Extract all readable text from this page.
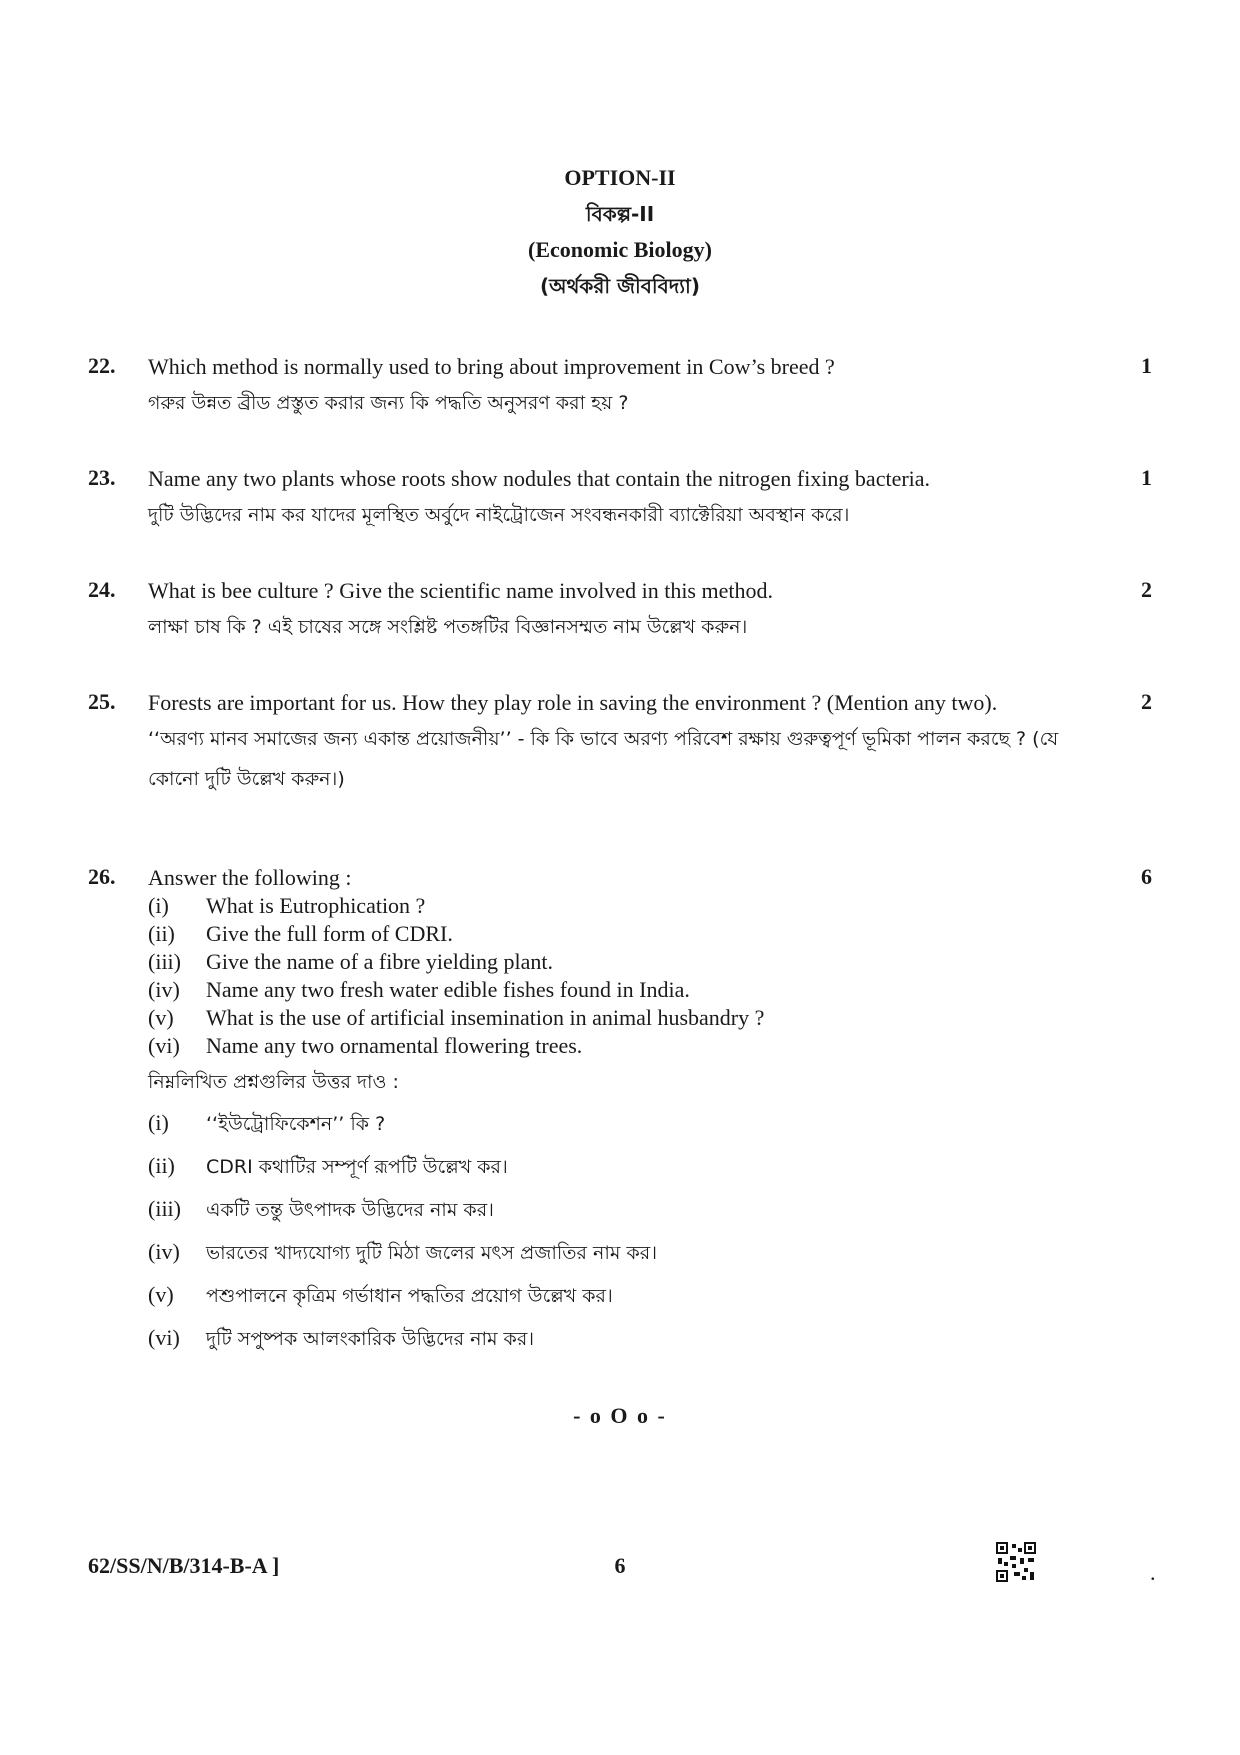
OPTION-II
বিকল্প-II
(Economic Biology)
(অর্থকরী জীববিদ্যা)
22. Which method is normally used to bring about improvement in Cow’s breed ?
গরুর উন্নত ব্রীড প্রস্তুত করার জন্য কি পদ্ধতি অনুসরণ করা হয় ?
1
23. Name any two plants whose roots show nodules that contain the nitrogen fixing bacteria.
দুটি উদ্ভিদের নাম কর যাদের মূলস্থিত অর্বুদে নাইট্রোজেন সংবন্ধনকারী ব্যাক্টেরিয়া অবস্থান করে।
1
24. What is bee culture ? Give the scientific name involved in this method.
লাক্ষা চাষ কি ? এই চাষের সঙ্গে সংশ্লিষ্ট পতঙ্গটির বিজ্ঞানসম্মত নাম উল্লেখ করুন।
2
25. Forests are important for us. How they play role in saving the environment ? (Mention any two).
‘‘অরণ্য মানব সমাজের জন্য একান্ত প্রয়োজনীয়’’ - কি কি ভাবে অরণ্য পরিবেশ রক্ষায় গুরুত্বপূর্ণ ভূমিকা পালন করছে ? (যে কোনো দুটি উল্লেখ করুন।)
2
26. Answer the following :
(i) What is Eutrophication ?
(ii) Give the full form of CDRI.
(iii) Give the name of a fibre yielding plant.
(iv) Name any two fresh water edible fishes found in India.
(v) What is the use of artificial insemination in animal husbandry ?
(vi) Name any two ornamental flowering trees.
নিম্নলিখিত প্রশ্নগুলির উত্তর দাও :
(i) ‘‘ইউট্রোফিকেশন’’ কি ?
(ii) CDRI কথাটির সম্পূর্ণ রূপটি উল্লেখ কর।
(iii) একটি তন্তু উৎপাদক উদ্ভিদের নাম কর।
(iv) ভারতের খাদ্যযোগ্য দুটি মিঠা জলের মৎস প্রজাতির নাম কর।
(v) পশুপালনে কৃত্রিম গর্ভাধান পদ্ধতির প্রয়োগ উল্লেখ কর।
(vi) দুটি সপুষ্পক আলংকারিক উদ্ভিদের নাম কর।
6
- o O o -
62/SS/N/B/314-B-A ]	6	.
